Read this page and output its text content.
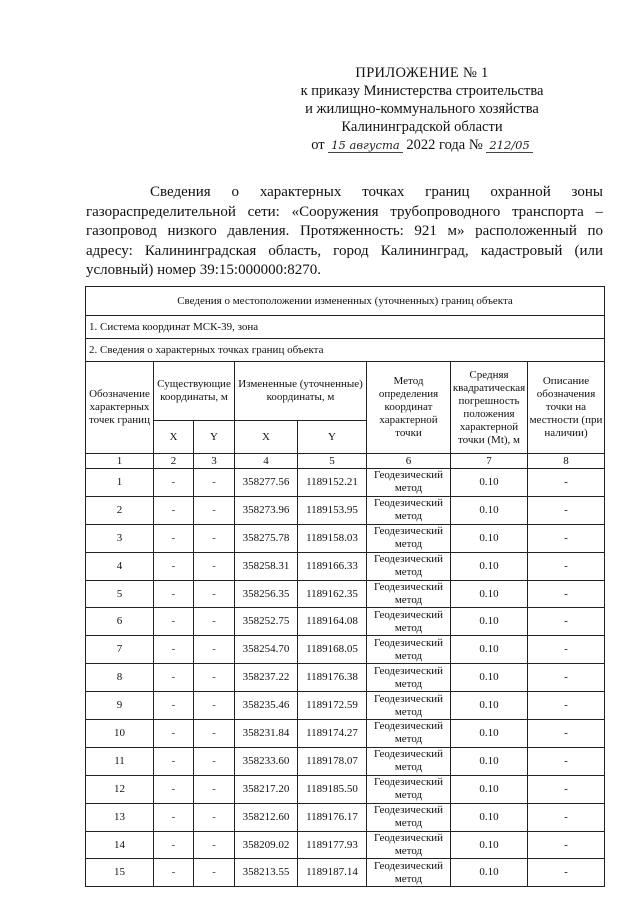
ПРИЛОЖЕНИЕ № 1
к приказу Министерства строительства
и жилищно-коммунального хозяйства
Калининградской области
от 15 августа 2022 года № 212/05
Сведения о характерных точках границ охранной зоны газораспределительной сети: «Сооружения трубопроводного транспорта – газопровод низкого давления. Протяженность: 921 м» расположенный по адресу: Калининградская область, город Калининград, кадастровый (или условный) номер 39:15:000000:8270.
Сведения о местоположении измененных (уточненных) границ объекта							
1. Система координат МСК-39, зона							
2. Сведения о характерных точках границ объекта							
Обозначение характерных точек границ	Существующие координаты, м		Измененные (уточненные) координаты, м		Метод определения координат характерной точки	Средняя квадратическая погрешность положения характерной точки (Mt), м	Описание обозначения точки на местности (при наличии)
	X	Y	X	Y			
1	2	3	4	5	6	7	8
1	-	-	358277.56	1189152.21	Геодезический метод	0.10	-
2	-	-	358273.96	1189153.95	Геодезический метод	0.10	-
3	-	-	358275.78	1189158.03	Геодезический метод	0.10	-
4	-	-	358258.31	1189166.33	Геодезический метод	0.10	-
5	-	-	358256.35	1189162.35	Геодезический метод	0.10	-
6	-	-	358252.75	1189164.08	Геодезический метод	0.10	-
7	-	-	358254.70	1189168.05	Геодезический метод	0.10	-
8	-	-	358237.22	1189176.38	Геодезический метод	0.10	-
9	-	-	358235.46	1189172.59	Геодезический метод	0.10	-
10	-	-	358231.84	1189174.27	Геодезический метод	0.10	-
11	-	-	358233.60	1189178.07	Геодезический метод	0.10	-
12	-	-	358217.20	1189185.50	Геодезический метод	0.10	-
13	-	-	358212.60	1189176.17	Геодезический метод	0.10	-
14	-	-	358209.02	1189177.93	Геодезический метод	0.10	-
15	-	-	358213.55	1189187.14	Геодезический метод	0.10	-
